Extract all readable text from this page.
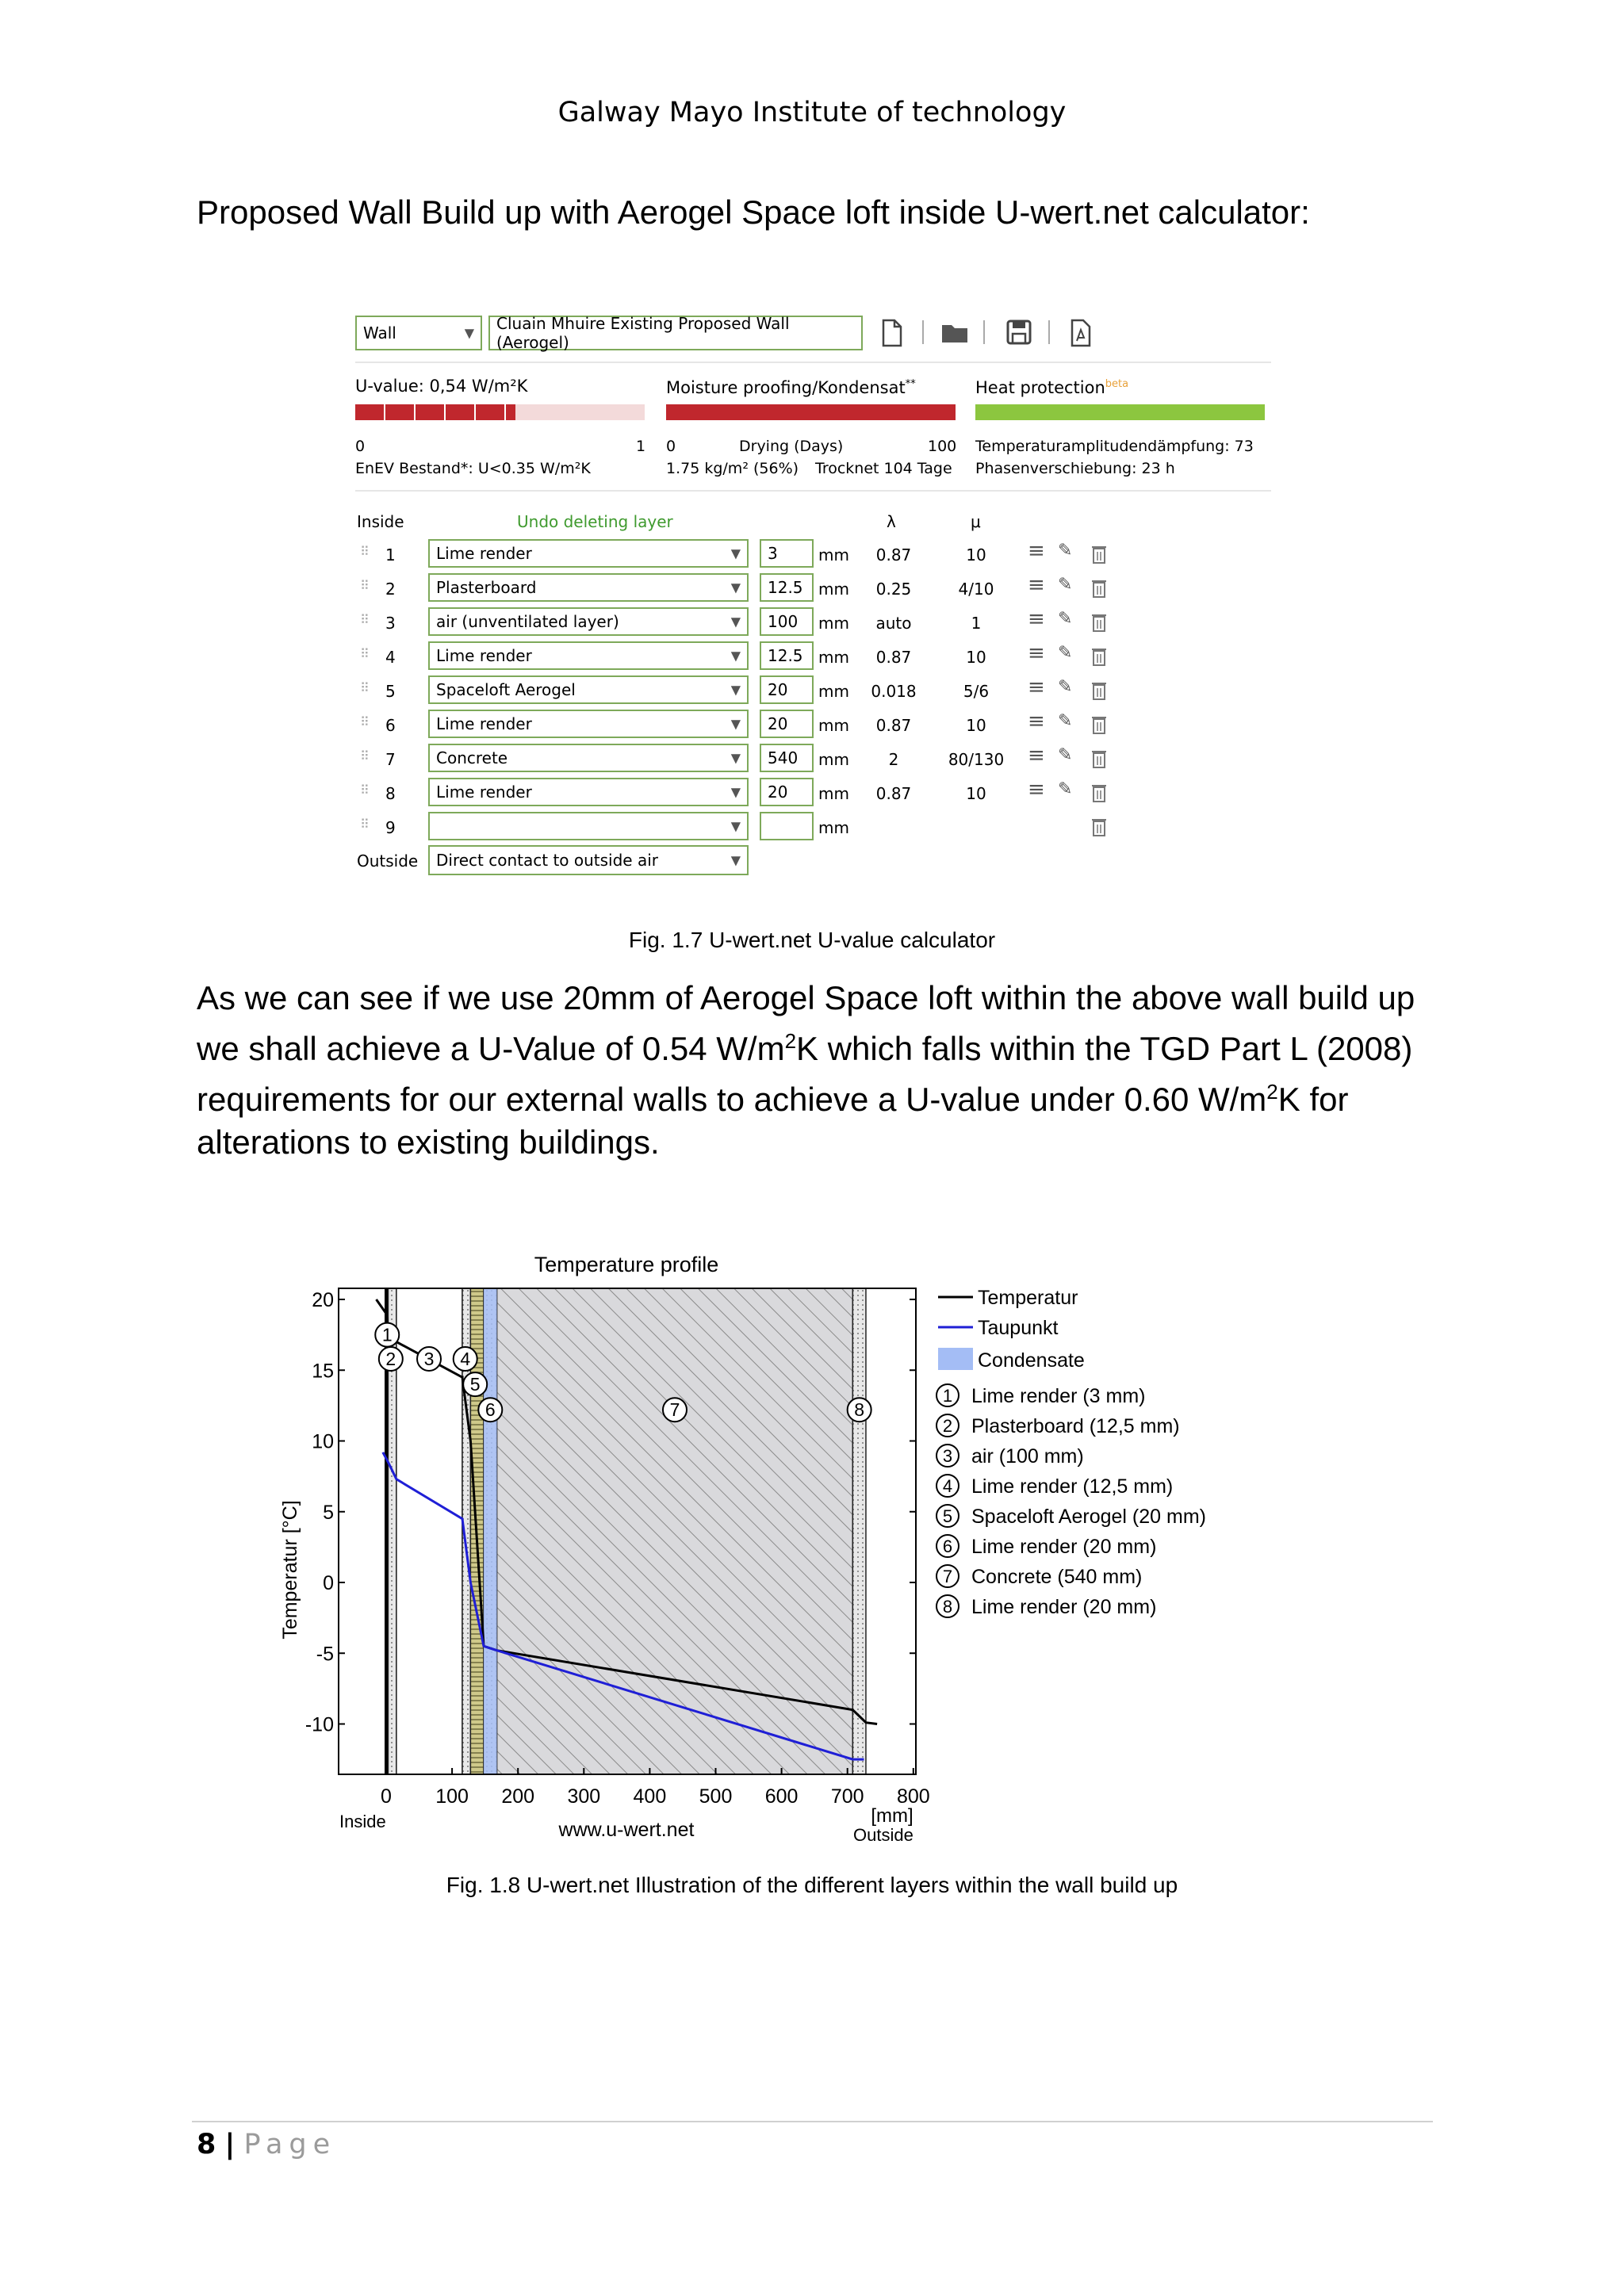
Galway Mayo Institute of technology
Proposed Wall Build up with Aerogel Space loft inside U-wert.net calculator:
Wall	▼ Cluain Mhuire Existing Proposed Wall (Aerogel)
U-value: 0,54 W/m²K
0	1
EnEV Bestand*: U<0.35 W/m²K
Moisture proofing/Kondensat**
0	Drying (Days)	100
1.75 kg/m² (56%) Trocknet 104 Tage
Heat protection$^{beta}$
Temperaturamplitudendämpfung: 73
Phasenverschiebung: 23 h
Inside	Undo deleting layer	λ	μ
⠿ 1	Lime render	▼ 3	mm	0.87	10	≡ ✎
⠿ 2	Plasterboard	▼ 12.5 mm	0.25	4/10	≡ ✎
⠿ 3	air (unventilated layer)	▼ 100 mm	auto	1	≡ ✎
⠿ 4	Lime render	▼ 12.5 mm	0.87	10	≡ ✎
⠿ 5	Spaceloft Aerogel	▼ 20 mm	0.018	5/6	≡ ✎
⠿ 6	Lime render	▼ 20 mm	0.87	10	≡ ✎
⠿ 7	Concrete	▼ 540 mm	2	80/130	≡ ✎
⠿ 8	Lime render	▼ 20 mm	0.87	10	≡ ✎
⠿ 9	▼	mm
Outside Direct contact to outside air	▼
Fig. 1.7 U-wert.net U-value calculator
As we can see if we use 20mm of Aerogel Space loft within the above wall build up we shall achieve a U-Value of 0.54 $W/m^2K$ which falls within the TGD Part L (2008) requirements for our external walls to achieve a U-value under 0.60 $W/m^2K$ for alterations to existing buildings.
20
15
10
5
0
-5
-10
0 100 200 300 400 500 600 700 800
1
2 3 4
5
6	7	8
Temperatur
Taupunkt
Condensate
1 Lime render (3 mm)
2 Plasterboard (12,5 mm)
3 air (100 mm)
4 Lime render (12,5 mm)
5 Spaceloft Aerogel (20 mm)
6 Lime render (20 mm)
7 Concrete (540 mm)
8 Lime render (20 mm)
Temperature profile
Temperatur [°C]
[mm]
Inside
Outside
www.u-wert.net
Fig. 1.8 U-wert.net Illustration of the different layers within the wall build up
8 | Page
